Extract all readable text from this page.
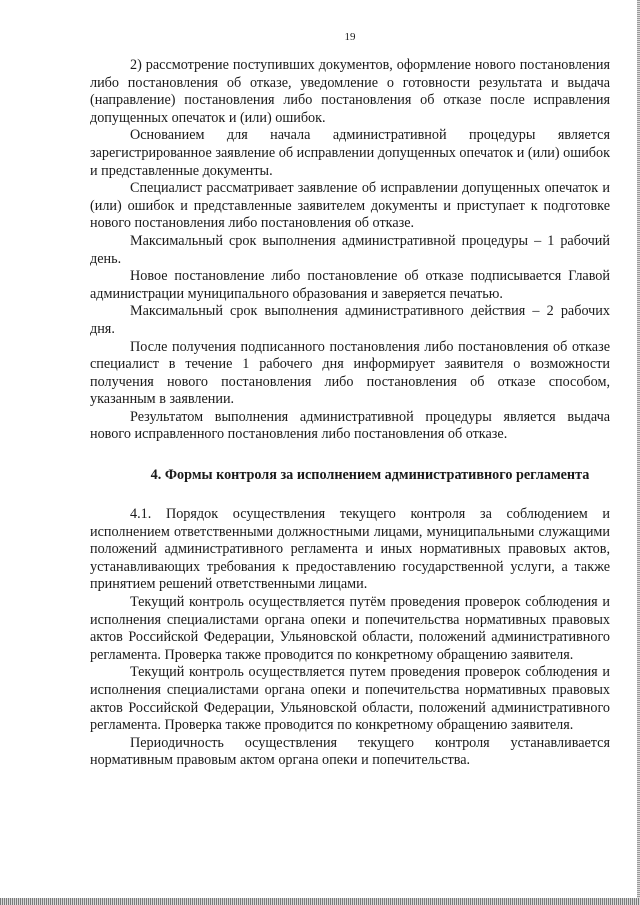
19

2) рассмотрение поступивших документов, оформление нового постановления либо постановления об отказе, уведомление о готовности результата и выдача (направление) постановления либо постановления об отказе после исправления допущенных опечаток и (или) ошибок.

Основанием для начала административной процедуры является зарегистрированное заявление об исправлении допущенных опечаток и (или) ошибок и представленные документы.

Специалист рассматривает заявление об исправлении допущенных опечаток и (или) ошибок и представленные заявителем документы и приступает к подготовке нового постановления либо постановления об отказе.

Максимальный срок выполнения административной процедуры – 1 рабочий день.

Новое постановление либо постановление об отказе подписывается Главой администрации муниципального образования и заверяется печатью.

Максимальный срок выполнения административного действия – 2 рабочих дня.

После получения подписанного постановления либо постановления об отказе специалист в течение 1 рабочего дня информирует заявителя о возможности получения нового постановления либо постановления об отказе способом, указанным в заявлении.

Результатом выполнения административной процедуры является выдача нового исправленного постановления либо постановления об отказе.

4. Формы контроля за исполнением административного регламента

4.1. Порядок осуществления текущего контроля за соблюдением и исполнением ответственными должностными лицами, муниципальными служащими положений административного регламента и иных нормативных правовых актов, устанавливающих требования к предоставлению государственной услуги, а также принятием решений ответственными лицами.

Текущий контроль осуществляется путём проведения проверок соблюдения и исполнения специалистами органа опеки и попечительства нормативных правовых актов Российской Федерации, Ульяновской области, положений административного регламента. Проверка также проводится по конкретному обращению заявителя.

Текущий контроль осуществляется путем проведения проверок соблюдения и исполнения специалистами органа опеки и попечительства нормативных правовых актов Российской Федерации, Ульяновской области, положений административного регламента. Проверка также проводится по конкретному обращению заявителя.

Периодичность осуществления текущего контроля устанавливается нормативным правовым актом органа опеки и попечительства.
